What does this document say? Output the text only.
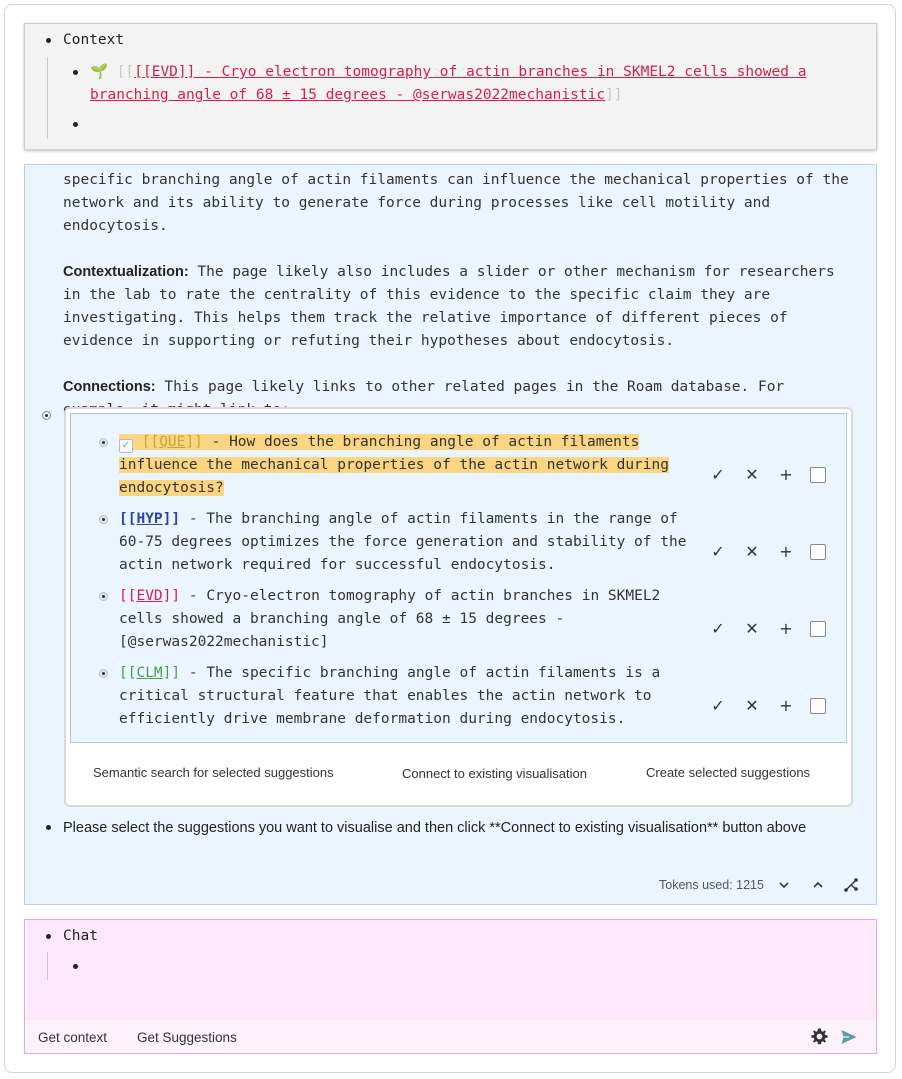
Context
🌱 [[[[EVD]] - Cryo electron tomography of actin branches in SKMEL2 cells showed a branching angle of 68 ± 15 degrees - @serwas2022mechanistic]]

specific branching angle of actin filaments can influence the mechanical properties of the network and its ability to generate force during processes like cell motility and endocytosis.

Contextualization: The page likely also includes a slider or other mechanism for researchers in the lab to rate the centrality of this evidence to the specific claim they are investigating. This helps them track the relative importance of different pieces of evidence in supporting or refuting their hypotheses about endocytosis.

Connections: This page likely links to other related pages in the Roam database. For

✓ [[QUE]] - How does the branching angle of actin filaments influence the mechanical properties of the actin network during endocytosis?
✓ ✕ +
[[HYP]] - The branching angle of actin filaments in the range of 60-75 degrees optimizes the force generation and stability of the actin network required for successful endocytosis.
✓ ✕ +
[[EVD]] - Cryo-electron tomography of actin branches in SKMEL2 cells showed a branching angle of 68 ± 15 degrees - [@serwas2022mechanistic]
✓ ✕ +
[[CLM]] - The specific branching angle of actin filaments is a critical structural feature that enables the actin network to efficiently drive membrane deformation during endocytosis.
✓ ✕ +
Semantic search for selected suggestions	Connect to existing visualisation	Create selected suggestions
Please select the suggestions you want to visualise and then click **Connect to existing visualisation** button above
Tokens used: 1215
Chat
Get context Get Suggestions
